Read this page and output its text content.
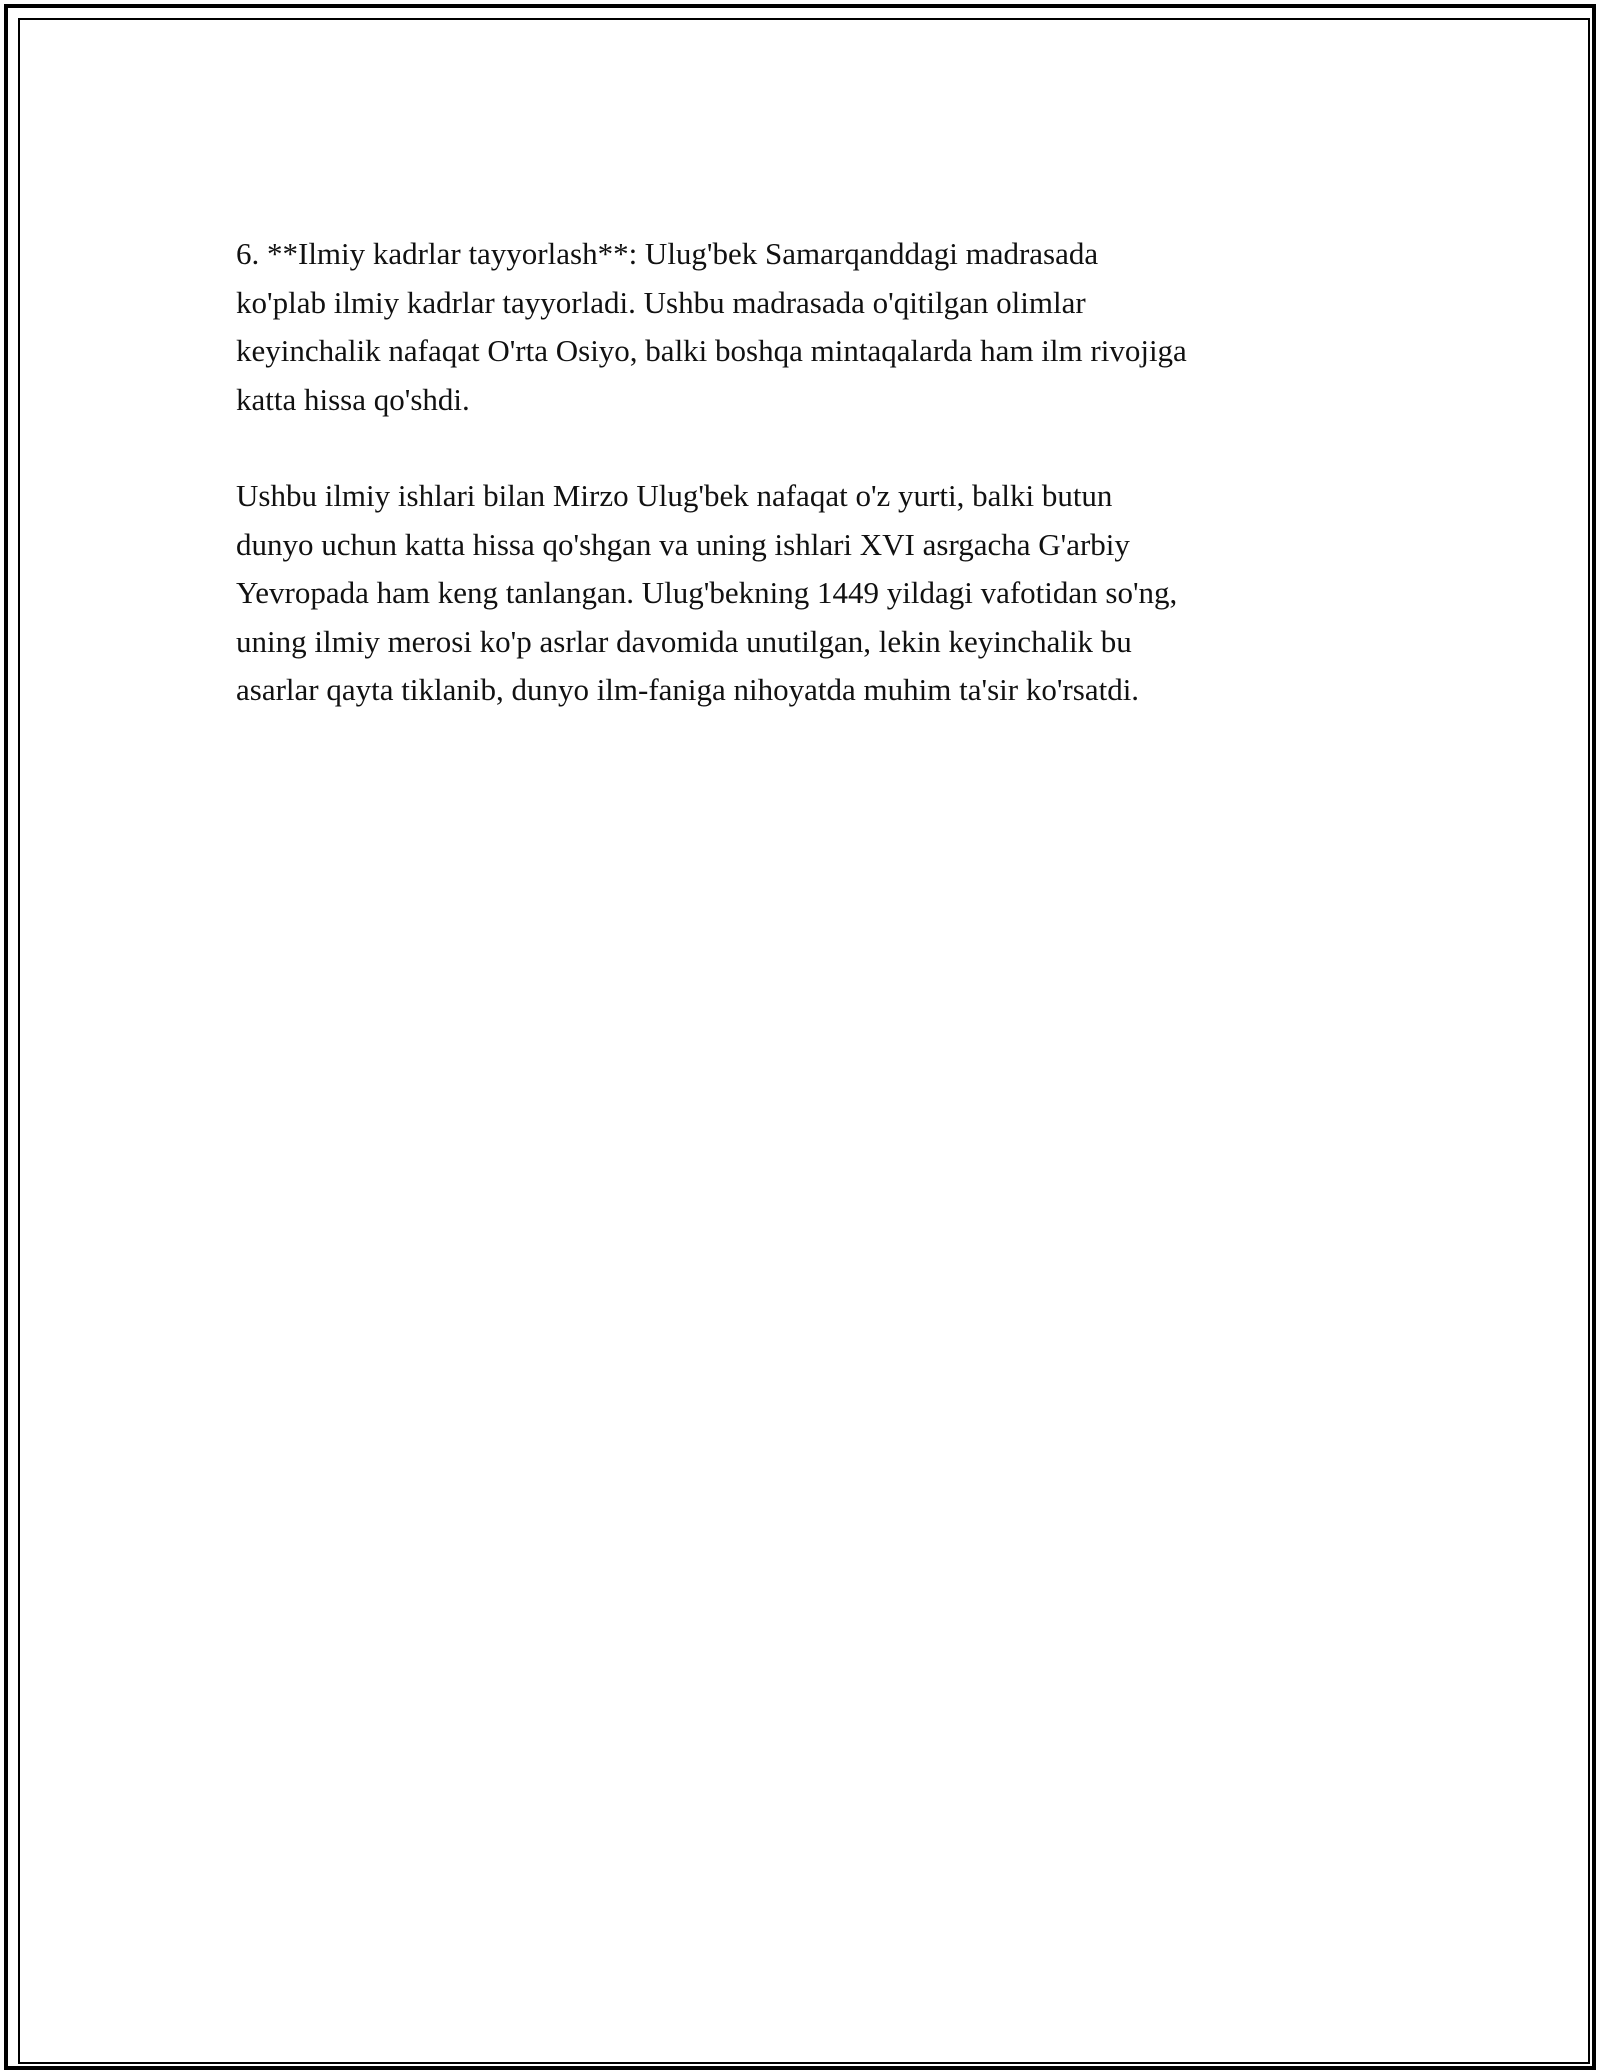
6. **Ilmiy kadrlar tayyorlash**: Ulug'bek Samarqanddagi madrasada
ko'plab ilmiy kadrlar tayyorladi. Ushbu madrasada o'qitilgan olimlar
keyinchalik nafaqat O'rta Osiyo, balki boshqa mintaqalarda ham ilm rivojiga
katta hissa qo'shdi.

Ushbu ilmiy ishlari bilan Mirzo Ulug'bek nafaqat o'z yurti, balki butun
dunyo uchun katta hissa qo'shgan va uning ishlari XVI asrgacha G'arbiy
Yevropada ham keng tanlangan. Ulug'bekning 1449 yildagi vafotidan so'ng,
uning ilmiy merosi ko'p asrlar davomida unutilgan, lekin keyinchalik bu
asarlar qayta tiklanib, dunyo ilm-faniga nihoyatda muhim ta'sir ko'rsatdi.
